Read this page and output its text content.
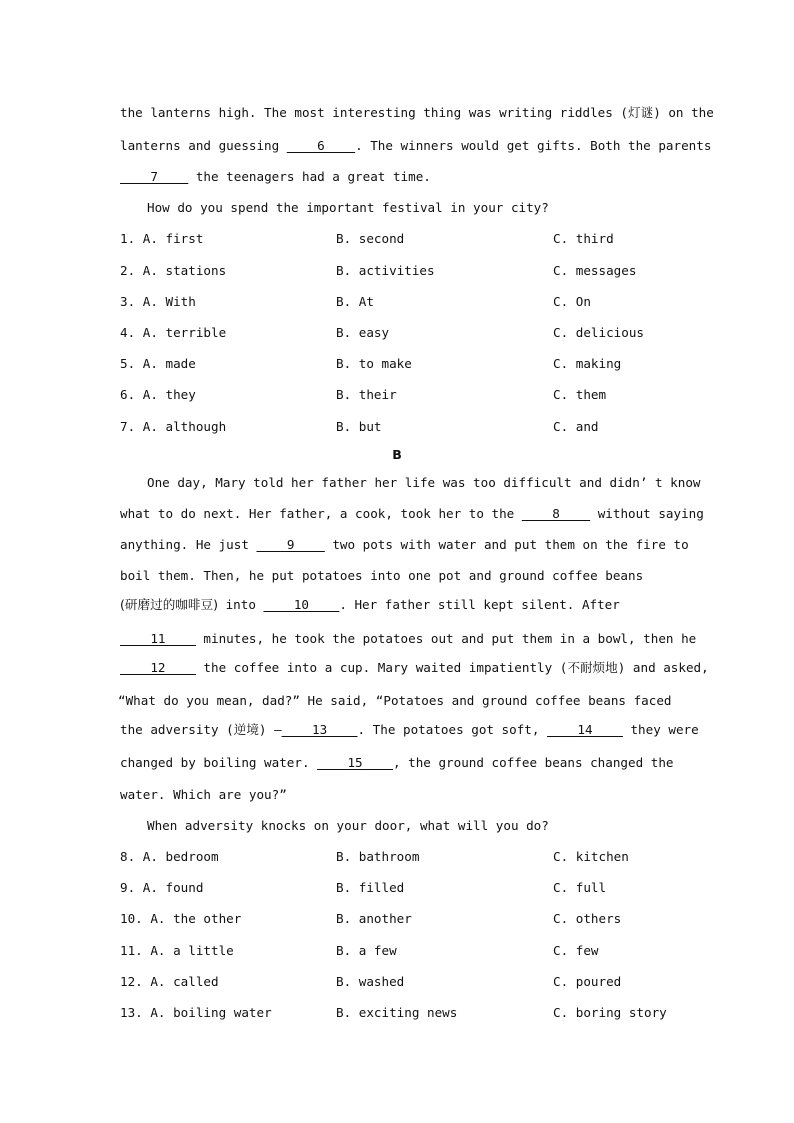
the lanterns high. The most interesting thing was writing riddles (灯谜) on the
lanterns and guessing ____6____. The winners would get gifts. Both the parents
____7____ the teenagers had a great time.
How do you spend the important festival in your city?
1. A. first	B. second	C. third
2. A. stations	B. activities	C. messages
3. A. With	B. At	C. On
4. A. terrible	B. easy	C. delicious
5. A. made	B. to make	C. making
6. A. they	B. their	C. them
7. A. although	B. but	C. and
B
One day, Mary told her father her life was too difficult and didn’ t know
what to do next. Her father, a cook, took her to the ____8____ without saying
anything. He just ____9____ two pots with water and put them on the fire to
boil them. Then, he put potatoes into one pot and ground coffee beans
(研磨过的咖啡豆) into ____10____. Her father still kept silent. After
____11____ minutes, he took the potatoes out and put them in a bowl, then he
____12____ the coffee into a cup. Mary waited impatiently (不耐烦地) and asked,
“What do you mean, dad?” He said, “Potatoes and ground coffee beans faced
the adversity (逆境) —____13____. The potatoes got soft, ____14____ they were
changed by boiling water. ____15____, the ground coffee beans changed the
water. Which are you?”
When adversity knocks on your door, what will you do?
8. A. bedroom	B. bathroom	C. kitchen
9. A. found	B. filled	C. full
10. A. the other	B. another	C. others
11. A. a little	B. a few	C. few
12. A. called	B. washed	C. poured
13. A. boiling water	B. exciting news	C. boring story
